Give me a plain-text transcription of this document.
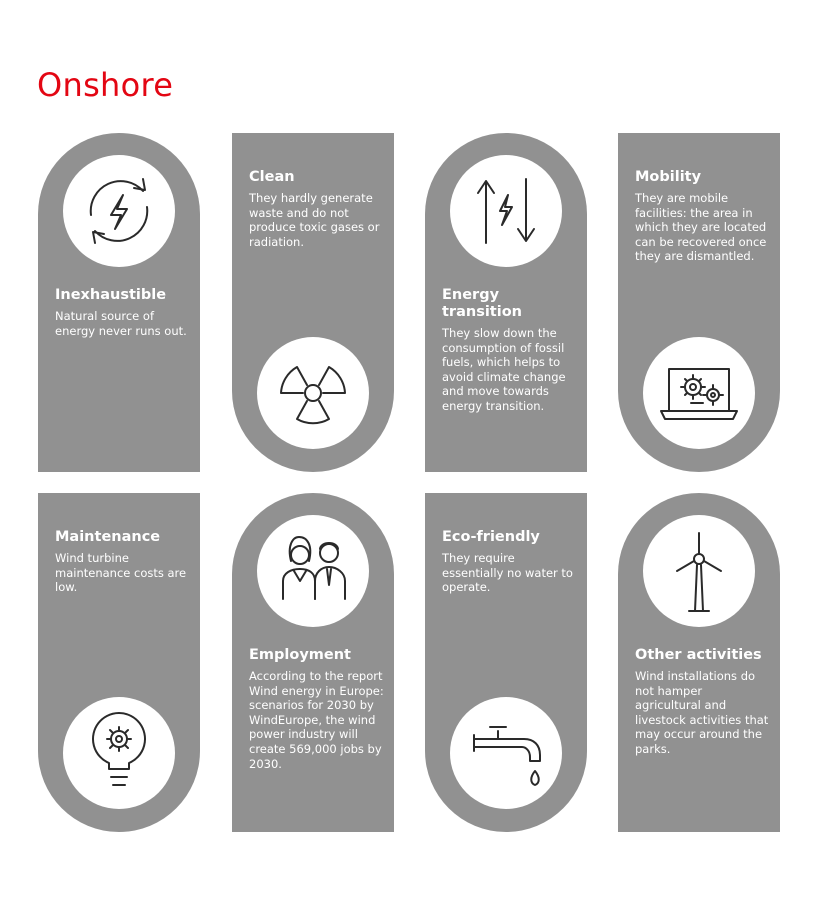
Onshore
Inexhaustible
Natural source of energy never runs out.
Clean
They hardly generate waste and do not produce toxic gases or radiation.
Energy transition
They slow down the consumption of fossil fuels, which helps to avoid climate change and move towards energy transition.
Mobility
They are mobile facilities: the area in which they are located can be recovered once they are dismantled.
Maintenance
Wind turbine maintenance costs are low.
Employment
According to the report Wind energy in Europe: scenarios for 2030 by WindEurope, the wind power industry will create 569,000 jobs by 2030.
Eco-friendly
They require essentially no water to operate.
Other activities
Wind installations do not hamper agricultural and livestock activities that may occur around the parks.
